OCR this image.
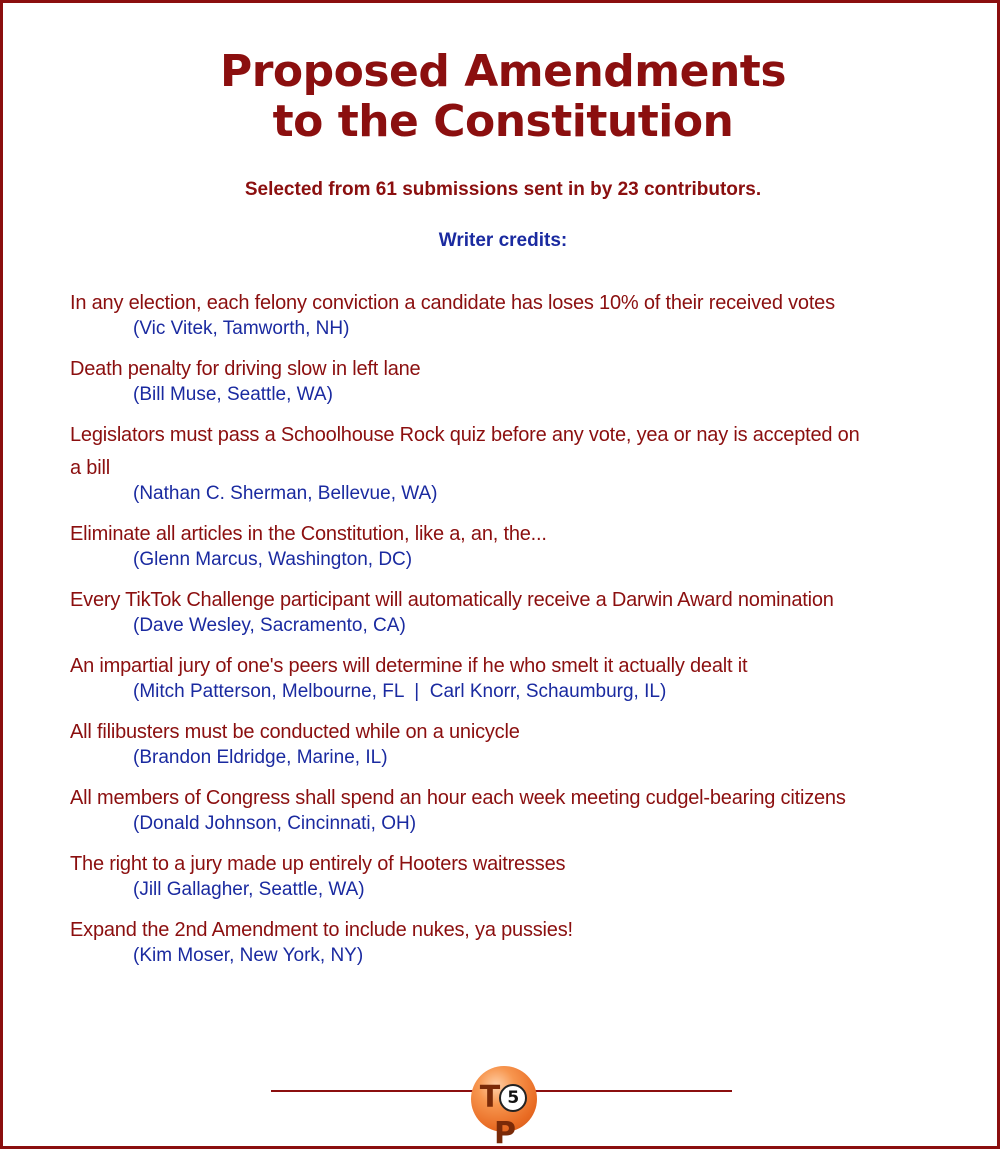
Proposed Amendments
to the Constitution
Selected from 61 submissions sent in by 23 contributors.
Writer credits:
In any election, each felony conviction a candidate has loses 10% of their received votes
(Vic Vitek, Tamworth, NH)
Death penalty for driving slow in left lane
(Bill Muse, Seattle, WA)
Legislators must pass a Schoolhouse Rock quiz before any vote, yea or nay is accepted on a bill
(Nathan C. Sherman, Bellevue, WA)
Eliminate all articles in the Constitution, like a, an, the...
(Glenn Marcus, Washington, DC)
Every TikTok Challenge participant will automatically receive a Darwin Award nomination
(Dave Wesley, Sacramento, CA)
An impartial jury of one's peers will determine if he who smelt it actually dealt it
(Mitch Patterson, Melbourne, FL  |  Carl Knorr, Schaumburg, IL)
All filibusters must be conducted while on a unicycle
(Brandon Eldridge, Marine, IL)
All members of Congress shall spend an hour each week meeting cudgel-bearing citizens
(Donald Johnson, Cincinnati, OH)
The right to a jury made up entirely of Hooters waitresses
(Jill Gallagher, Seattle, WA)
Expand the 2nd Amendment to include nukes, ya pussies!
(Kim Moser, New York, NY)
T 5P
